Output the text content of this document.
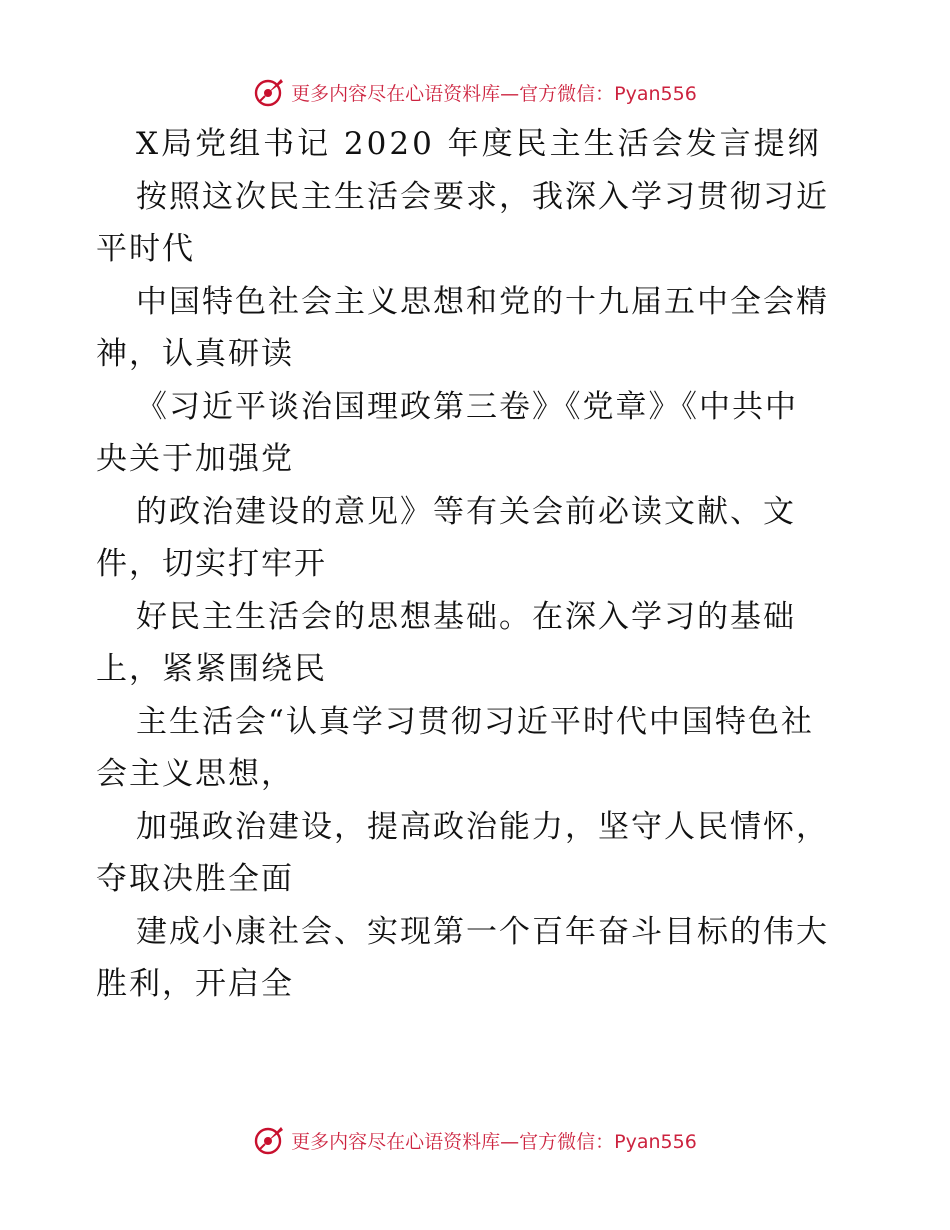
更多内容尽在心语资料库—官方微信：Pyan556
X局党组书记 2020 年度民主生活会发言提纲
按照这次民主生活会要求，我深入学习贯彻习近
平时代
中国特色社会主义思想和党的十九届五中全会精
神，认真研读
《习近平谈治国理政第三卷》《党章》《中共中
央关于加强党
的政治建设的意见》等有关会前必读文献、文
件，切实打牢开
好民主生活会的思想基础。在深入学习的基础
上，紧紧围绕民
主生活会“认真学习贯彻习近平时代中国特色社
会主义思想，
加强政治建设，提高政治能力，坚守人民情怀，
夺取决胜全面
建成小康社会、实现第一个百年奋斗目标的伟大
胜利，开启全
更多内容尽在心语资料库—官方微信：Pyan556
